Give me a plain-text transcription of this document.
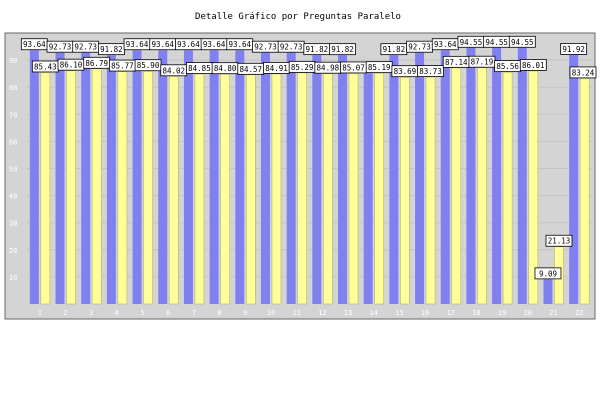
Detalle Gráfico por Preguntas Paralelo
93.64
85.43
92.73
86.10
92.73
86.79
91.82
85.77
93.64
85.90
93.64
84.02
93.64
84.85
93.64
84.80
93.64
84.57
92.73
84.91
92.73
85.29
91.82
84.98
91.82
85.07 85.19
91.82
83.69
92.73
83.73
93.64
87.14
94.55
87.19
94.55
85.56
94.55
86.01
9.09
21.13
91.92
83.24
10
20
30
40
50
60
70
80
90
1	2	3	4	5	6	7	8	9	10 11 12 13 14 15 16 17 18 19 20 21 22
